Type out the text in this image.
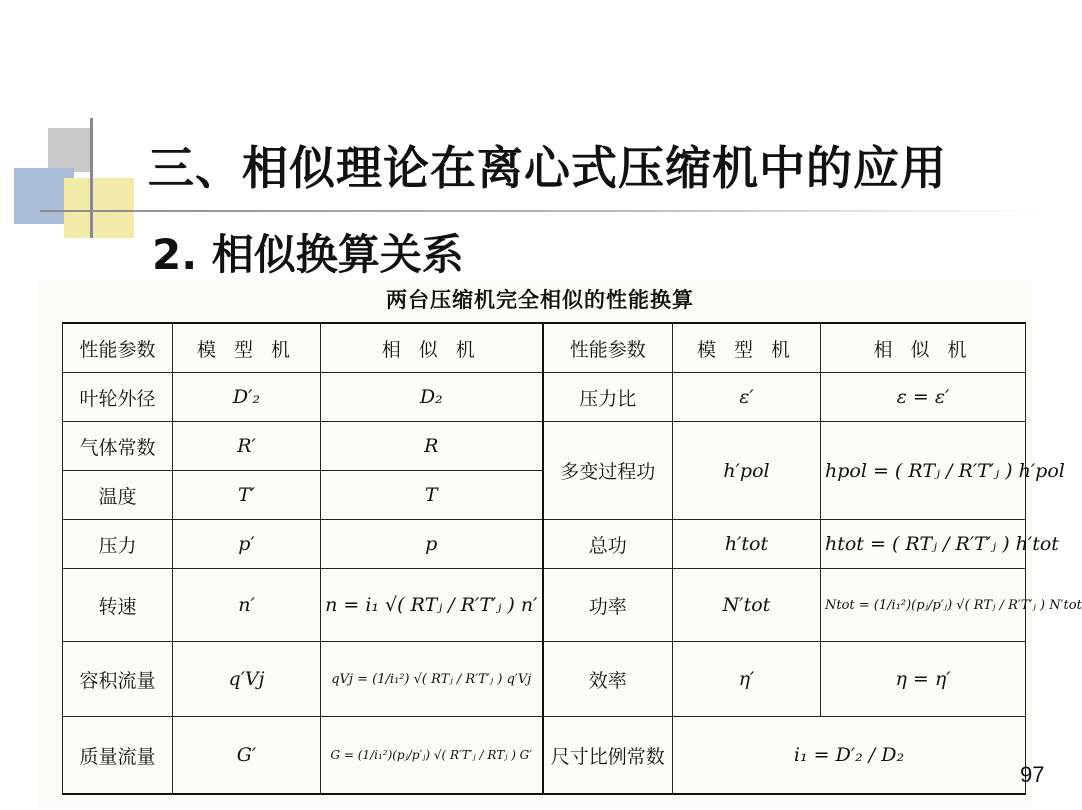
三、相似理论在离心式压缩机中的应用
2. 相似换算关系
两台压缩机完全相似的性能换算
性能参数	模 型 机	相 似 机	性能参数	模 型 机	相 似 机
叶轮外径	D′₂	D₂	压力比	ε′	ε = ε′
气体常数	R′	R	多变过程功	h′pol	hpol = ( RTⱼ / R′T′ⱼ ) h′pol
温度	T′	T			
压力	p′	p	总功	h′tot	htot = ( RTⱼ / R′T′ⱼ ) h′tot
转速	n′	n = i₁ √( RTⱼ / R′T′ⱼ ) n′	功率	N′tot	Ntot = (1/i₁²)(pⱼ/p′ⱼ) √( RTⱼ / R′T′ⱼ ) N′tot
容积流量	q′Vj	qVj = (1/i₁²) √( RTⱼ / R′T′ⱼ ) q′Vj	效率	η′	η = η′
质量流量	G′	G = (1/i₁²)(pⱼ/p′ⱼ) √( R′T′ⱼ / RTⱼ ) G′	尺寸比例常数	i₁ = D′₂ / D₂	
97
